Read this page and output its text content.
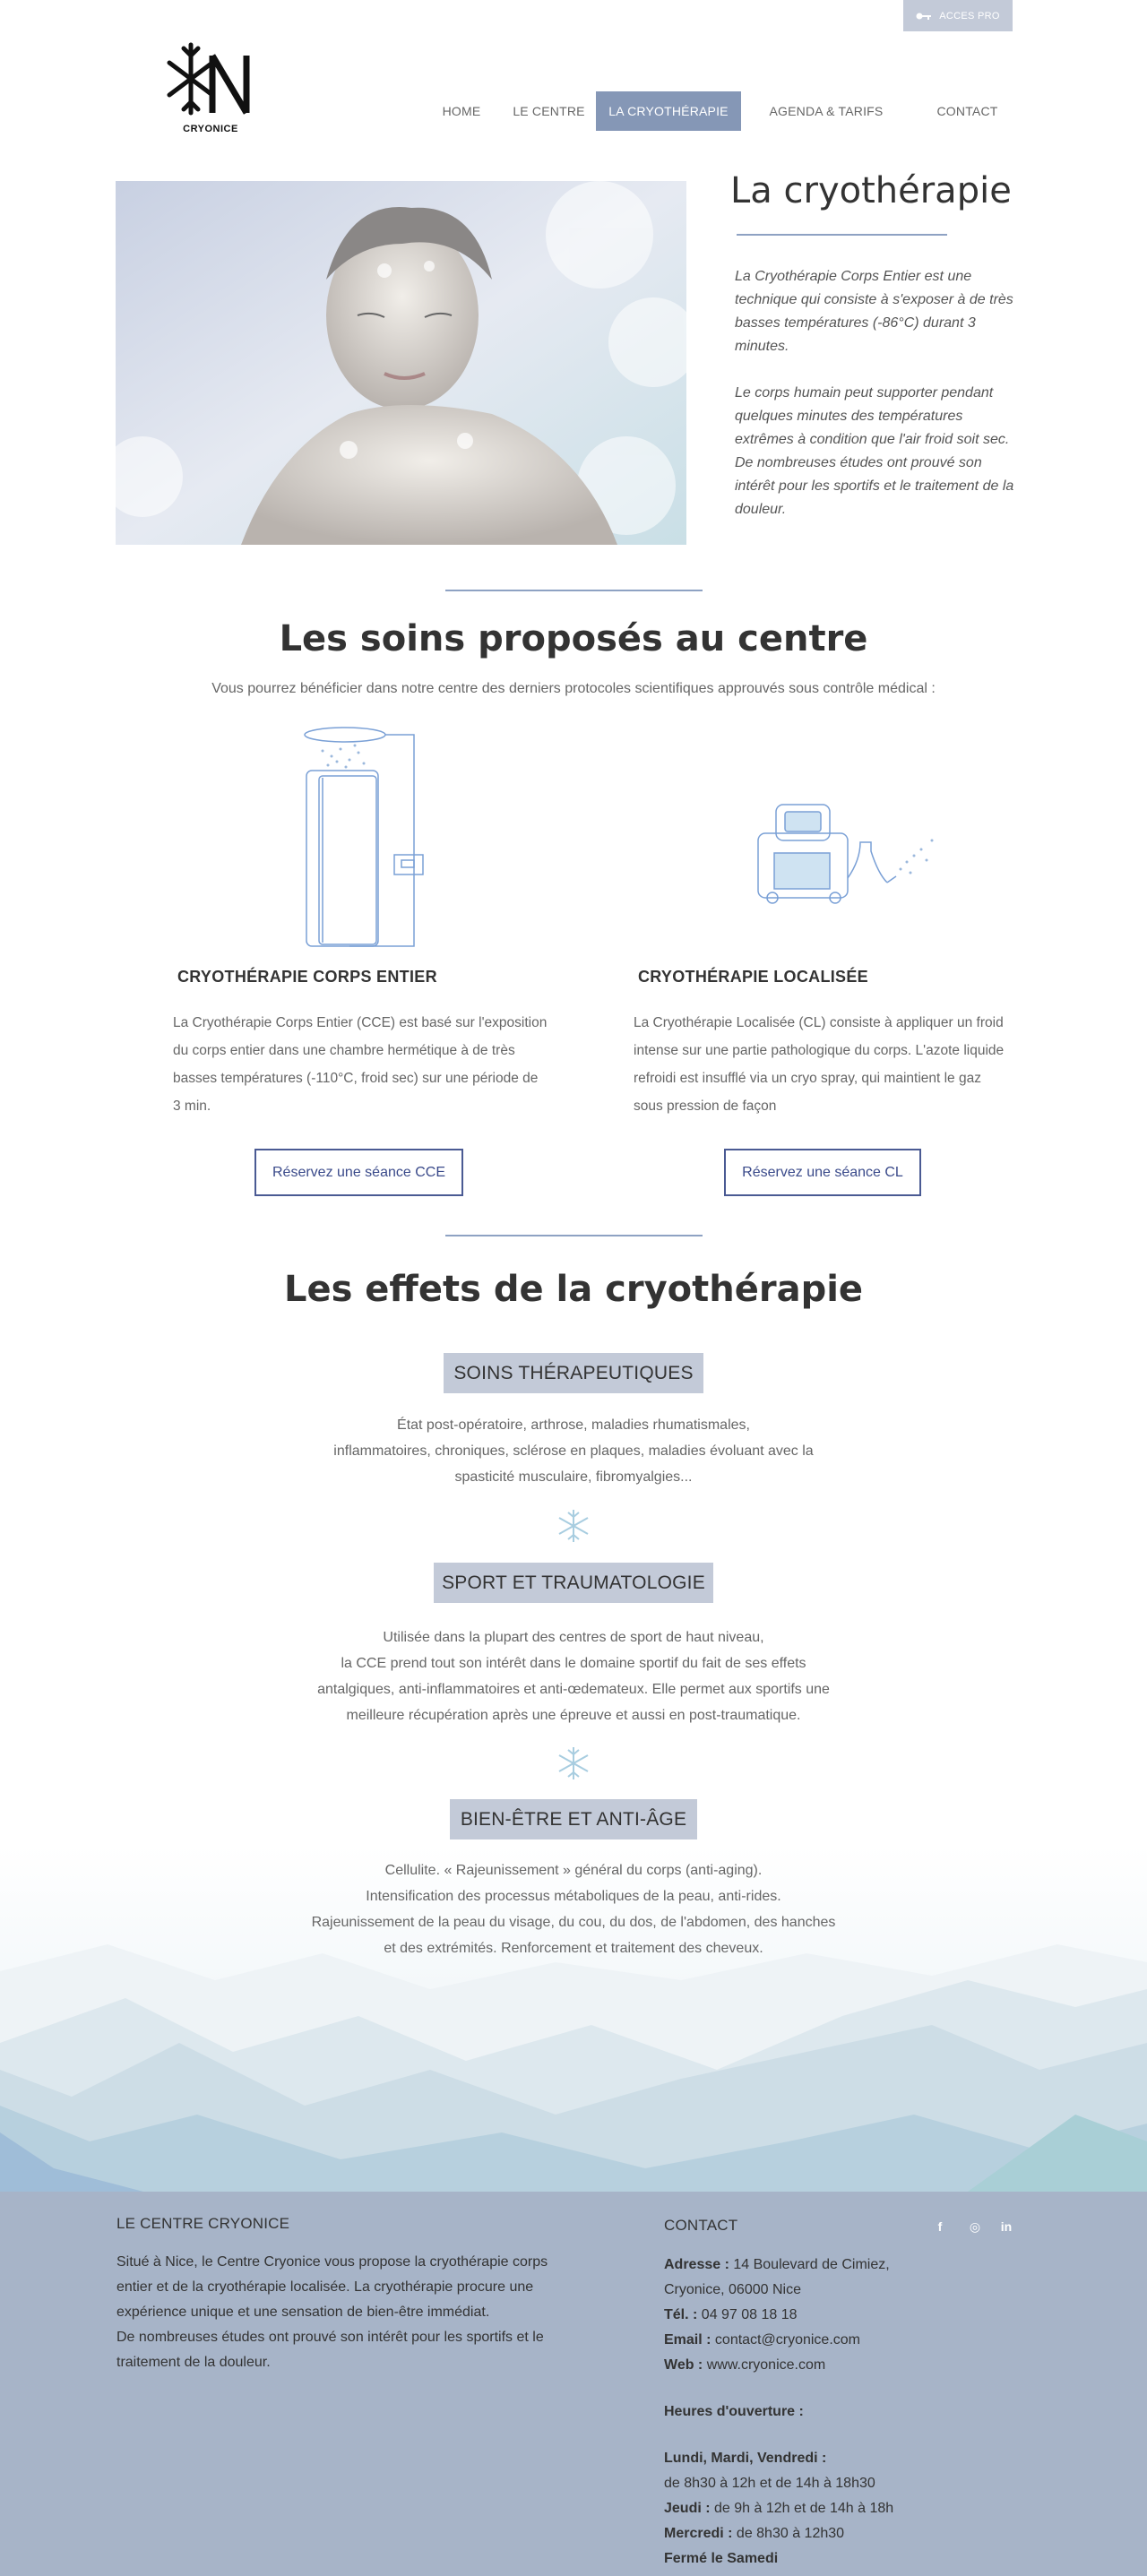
ACCES PRO
CRYONICE
HOME	LE CENTRE	LA CRYOTHÉRAPIE	AGENDA & TARIFS	CONTACT
La cryothérapie

La Cryothérapie Corps Entier est une technique qui consiste à s'exposer à de très basses températures (-86°C) durant 3 minutes.

Le corps humain peut supporter pendant quelques minutes des températures extrêmes à condition que l'air froid soit sec. De nombreuses études ont prouvé son intérêt pour les sportifs et le traitement de la douleur.

Les soins proposés au centre
Vous pourrez bénéficier dans notre centre des derniers protocoles scientifiques approuvés sous contrôle médical :
CRYOTHÉRAPIE CORPS ENTIER

La Cryothérapie Corps Entier (CCE) est basé sur l'exposition du corps entier dans une chambre hermétique à de très basses températures (-110°C, froid sec) sur une période de 3 min.

Réservez une séance CCE
CRYOTHÉRAPIE LOCALISÉE

La Cryothérapie Localisée (CL) consiste à appliquer un froid intense sur une partie pathologique du corps. L'azote liquide refroidi est insufflé via un cryo spray, qui maintient le gaz sous pression de façon

Réservez une séance CL
Les effets de la cryothérapie
SOINS THÉRAPEUTIQUES
État post-opératoire, arthrose, maladies rhumatismales,
inflammatoires, chroniques, sclérose en plaques, maladies évoluant avec la
spasticité musculaire, fibromyalgies...
SPORT ET TRAUMATOLOGIE
Utilisée dans la plupart des centres de sport de haut niveau,
la CCE prend tout son intérêt dans le domaine sportif du fait de ses effets
antalgiques, anti-inflammatoires et anti-œdemateux. Elle permet aux sportifs une
meilleure récupération après une épreuve et aussi en post-traumatique.
BIEN-ÊTRE ET ANTI-ÂGE
Cellulite. « Rajeunissement » général du corps (anti-aging).
Intensification des processus métaboliques de la peau, anti-rides.
Rajeunissement de la peau du visage, du cou, du dos, de l'abdomen, des hanches
et des extrémités. Renforcement et traitement des cheveux.
LE CENTRE CRYONICE
Situé à Nice, le Centre Cryonice vous propose la cryothérapie corps
entier et de la cryothérapie localisée. La cryothérapie procure une
expérience unique et une sensation de bien-être immédiat.
De nombreuses études ont prouvé son intérêt pour les sportifs et le
traitement de la douleur.
CONTACT
Adresse : 14 Boulevard de Cimiez,
Cryonice, 06000 Nice
Tél. : 04 97 08 18 18
Email : contact@cryonice.com
Web : www.cryonice.com
Heures d'ouverture :
Lundi, Mardi, Vendredi :
de 8h30 à 12h et de 14h à 18h30
Jeudi : de 9h à 12h et de 14h à 18h
Mercredi : de 8h30 à 12h30
Fermé le Samedi
f	◎	in
